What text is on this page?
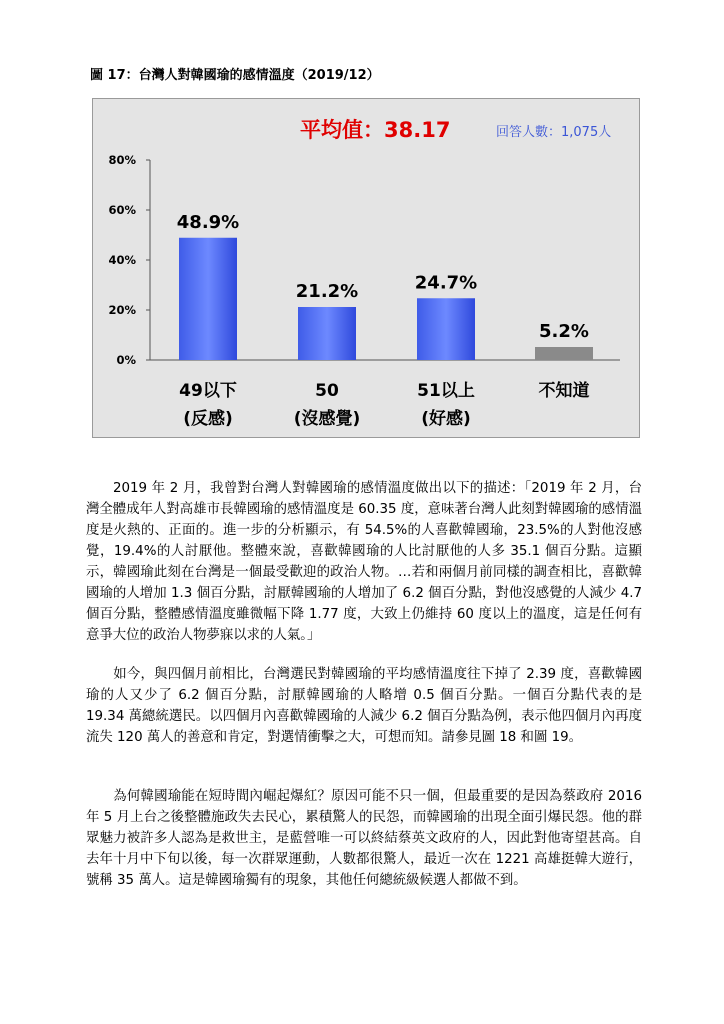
圖 17：台灣人對韓國瑜的感情溫度（2019/12）
平均值：38.17	回答人數：1,075人
0%
20%
40%
60%
80%
48.9%
49以下
(反感)
21.2%
50
(沒感覺)
24.7%
51以上
(好感)
5.2%
不知道
2019 年 2 月，我曾對台灣人對韓國瑜的感情溫度做出以下的描述：「2019 年 2 月，台灣全體成年人對高雄市長韓國瑜的感情溫度是 60.35 度，意味著台灣人此刻對韓國瑜的感情溫度是火熱的、正面的。進一步的分析顯示，有 54.5%的人喜歡韓國瑜，23.5%的人對他沒感覺，19.4%的人討厭他。整體來說，喜歡韓國瑜的人比討厭他的人多 35.1 個百分點。這顯示，韓國瑜此刻在台灣是一個最受歡迎的政治人物。…若和兩個月前同樣的調查相比，喜歡韓國瑜的人增加 1.3 個百分點，討厭韓國瑜的人增加了 6.2 個百分點，對他沒感覺的人減少 4.7 個百分點，整體感情溫度雖微幅下降 1.77 度，大致上仍維持 60 度以上的溫度，這是任何有意爭大位的政治人物夢寐以求的人氣。」
如今，與四個月前相比，台灣選民對韓國瑜的平均感情溫度往下掉了 2.39 度，喜歡韓國瑜的人又少了 6.2 個百分點，討厭韓國瑜的人略增 0.5 個百分點。一個百分點代表的是 19.34 萬總統選民。以四個月內喜歡韓國瑜的人減少 6.2 個百分點為例，表示他四個月內再度流失 120 萬人的善意和肯定，對選情衝擊之大，可想而知。請參見圖 18 和圖 19。
為何韓國瑜能在短時間內崛起爆紅？原因可能不只一個，但最重要的是因為蔡政府 2016 年 5 月上台之後整體施政失去民心，累積驚人的民怨，而韓國瑜的出現全面引爆民怨。他的群眾魅力被許多人認為是救世主，是藍營唯一可以終結蔡英文政府的人，因此對他寄望甚高。自去年十月中下旬以後，每一次群眾運動，人數都很驚人，最近一次在 1221 高雄挺韓大遊行，號稱 35 萬人。這是韓國瑜獨有的現象，其他任何總統級候選人都做不到。
